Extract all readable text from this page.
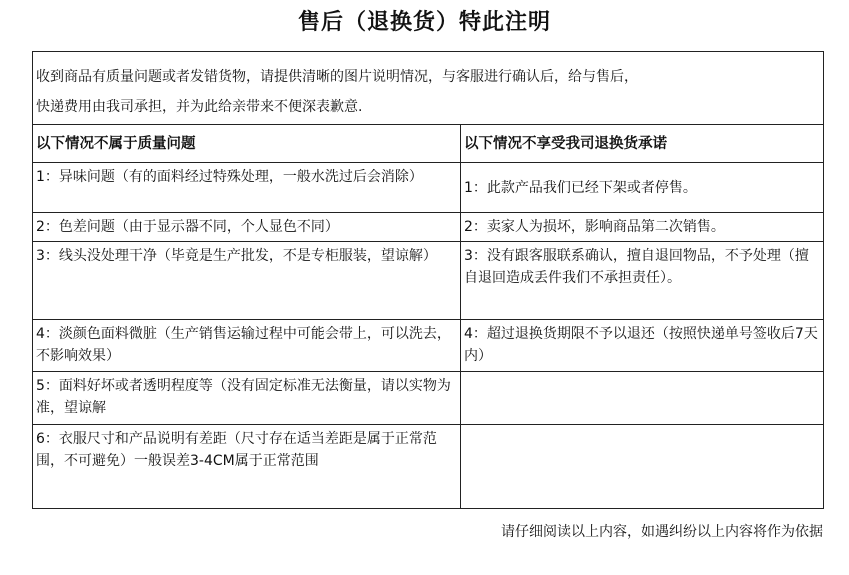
售后（退换货）特此注明
收到商品有质量问题或者发错货物，请提供清晰的图片说明情况，与客服进行确认后，给与售后，
快递费用由我司承担，并为此给亲带来不便深表歉意.	

以下情况不属于质量问题	以下情况不享受我司退换货承诺
1：异味问题（有的面料经过特殊处理，一般水洗过后会消除）	1：此款产品我们已经下架或者停售。
2：色差问题（由于显示器不同，个人显色不同）	2：卖家人为损坏，影响商品第二次销售。
3：线头没处理干净（毕竟是生产批发，不是专柜服装，望谅解）	3：没有跟客服联系确认，擅自退回物品，不予处理（擅自退回造成丢件我们不承担责任）。
4：淡颜色面料微脏（生产销售运输过程中可能会带上，可以洗去，不影响效果）	4：超过退换货期限不予以退还（按照快递单号签收后7天内）
5：面料好坏或者透明程度等（没有固定标准无法衡量，请以实物为准，望谅解	
6：衣服尺寸和产品说明有差距（尺寸存在适当差距是属于正常范围，不可避免）一般误差3-4CM属于正常范围	
请仔细阅读以上内容，如遇纠纷以上内容将作为依据
